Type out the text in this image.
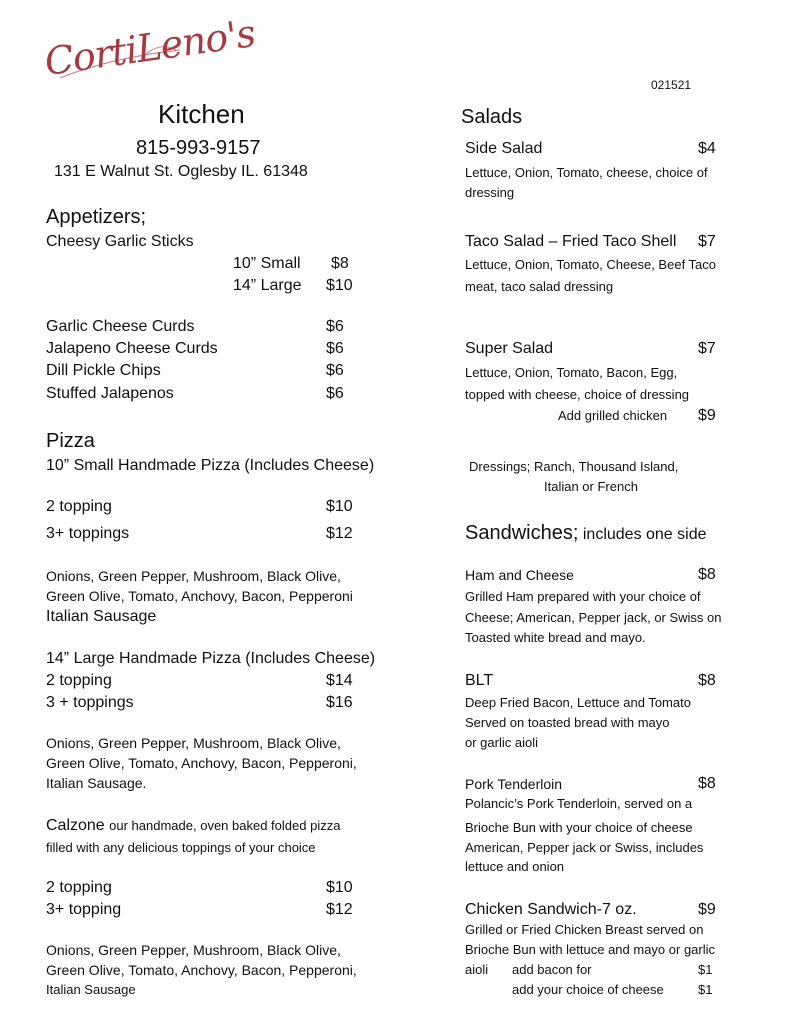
CortiLeno's
021521
Kitchen
815-993-9157
131 E Walnut St. Oglesby IL. 61348
Appetizers;
Cheesy Garlic Sticks
10” Small $8
14” Large $10
Garlic Cheese Curds	$6
Jalapeno Cheese Curds	$6
Dill Pickle Chips	$6
Stuffed Jalapenos	$6
Pizza
10” Small Handmade Pizza (Includes Cheese)
2 topping	$10
3+ toppings	$12
Onions, Green Pepper, Mushroom, Black Olive,
Green Olive, Tomato, Anchovy, Bacon, Pepperoni
Italian Sausage
14” Large Handmade Pizza (Includes Cheese)
2 topping	$14
3 + toppings	$16
Onions, Green Pepper, Mushroom, Black Olive,
Green Olive, Tomato, Anchovy, Bacon, Pepperoni,
Italian Sausage.
Calzone our handmade, oven baked folded pizza
filled with any delicious toppings of your choice
2 topping	$10
3+ topping	$12
Onions, Green Pepper, Mushroom, Black Olive,
Green Olive, Tomato, Anchovy, Bacon, Pepperoni,
Italian Sausage
Salads
Side Salad	$4
Lettuce, Onion, Tomato, cheese, choice of
dressing
Taco Salad – Fried Taco Shell $7
Lettuce, Onion, Tomato, Cheese, Beef Taco
meat, taco salad dressing
Super Salad	$7
Lettuce, Onion, Tomato, Bacon, Egg,
topped with cheese, choice of dressing
Add grilled chicken $9
Dressings; Ranch, Thousand Island,
Italian or French
Sandwiches; includes one side
Ham and Cheese	$8
Grilled Ham prepared with your choice of
Cheese; American, Pepper jack, or Swiss on
Toasted white bread and mayo.
BLT	$8
Deep Fried Bacon, Lettuce and Tomato
Served on toasted bread with mayo
or garlic aioli
Pork Tenderloin	$8
Polancic’s Pork Tenderloin, served on a
Brioche Bun with your choice of cheese
American, Pepper jack or Swiss, includes
lettuce and onion
Chicken Sandwich-7 oz.	$9
Grilled or Fried Chicken Breast served on
Brioche Bun with lettuce and mayo or garlic
aioli add bacon for	$1
add your choice of cheese	$1
